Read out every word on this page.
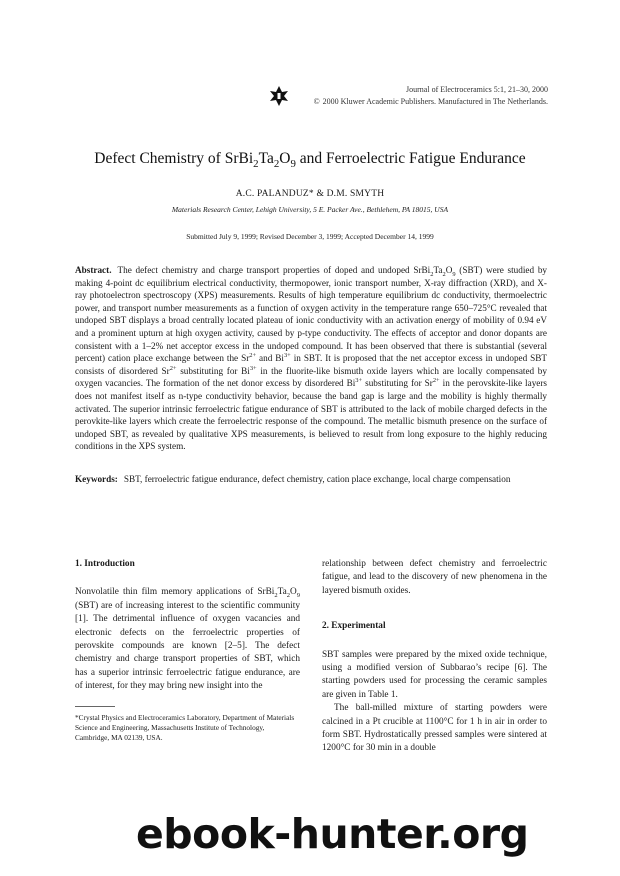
Journal of Electroceramics 5:1, 21–30, 2000
© 2000 Kluwer Academic Publishers. Manufactured in The Netherlands.
Defect Chemistry of $SrBi_2Ta_2O_9$ and Ferroelectric Fatigue Endurance
A.C. PALANDUZ* & D.M. SMYTH
Materials Research Center, Lehigh University, 5 E. Packer Ave., Bethlehem, PA 18015, USA
Submitted July 9, 1999; Revised December 3, 1999; Accepted December 14, 1999
Abstract. The defect chemistry and charge transport properties of doped and undoped $SrBi_2Ta_2O_9$ (SBT) were studied by making 4-point dc equilibrium electrical conductivity, thermopower, ionic transport number, X-ray diffraction (XRD), and X-ray photoelectron spectroscopy (XPS) measurements. Results of high temperature equilibrium dc conductivity, thermoelectric power, and transport number measurements as a function of oxygen activity in the temperature range 650–725°C revealed that undoped SBT displays a broad centrally located plateau of ionic conductivity with an activation energy of mobility of 0.94 eV and a prominent upturn at high oxygen activity, caused by p-type conductivity. The effects of acceptor and donor dopants are consistent with a 1–2% net acceptor excess in the undoped compound. It has been observed that there is substantial (several percent) cation place exchange between the $Sr^{2+}$ and $Bi^{3+}$ in SBT. It is proposed that the net acceptor excess in undoped SBT consists of disordered $Sr^{2+}$ substituting for $Bi^{3+}$ in the fluorite-like bismuth oxide layers which are locally compensated by oxygen vacancies. The formation of the net donor excess by disordered $Bi^{3+}$ substituting for $Sr^{2+}$ in the perovskite-like layers does not manifest itself as n-type conductivity behavior, because the band gap is large and the mobility is highly thermally activated. The superior intrinsic ferroelectric fatigue endurance of SBT is attributed to the lack of mobile charged defects in the perovkite-like layers which create the ferroelectric response of the compound. The metallic bismuth presence on the surface of undoped SBT, as revealed by qualitative XPS measurements, is believed to result from long exposure to the highly reducing conditions in the XPS system.
Keywords: SBT, ferroelectric fatigue endurance, defect chemistry, cation place exchange, local charge compensation
1. Introduction

Nonvolatile thin film memory applications of $SrBi_2Ta_2O_9$ (SBT) are of increasing interest to the scientific community [1]. The detrimental influence of oxygen vacancies and electronic defects on the ferroelectric properties of perovskite compounds are known [2–5]. The defect chemistry and charge transport properties of SBT, which has a superior intrinsic ferroelectric fatigue endurance, are of interest, for they may bring new insight into the

*Crystal Physics and Electroceramics Laboratory, Department of Materials Science and Engineering, Massachusetts Institute of Technology, Cambridge, MA 02139, USA.

relationship between defect chemistry and ferroelectric fatigue, and lead to the discovery of new phenomena in the layered bismuth oxides.

2. Experimental

SBT samples were prepared by the mixed oxide technique, using a modified version of Subbarao’s recipe [6]. The starting powders used for processing the ceramic samples are given in Table 1.

The ball-milled mixture of starting powders were calcined in a Pt crucible at 1100°C for 1 h in air in order to form SBT. Hydrostatically pressed samples were sintered at 1200°C for 30 min in a double

ebook-hunter.org
